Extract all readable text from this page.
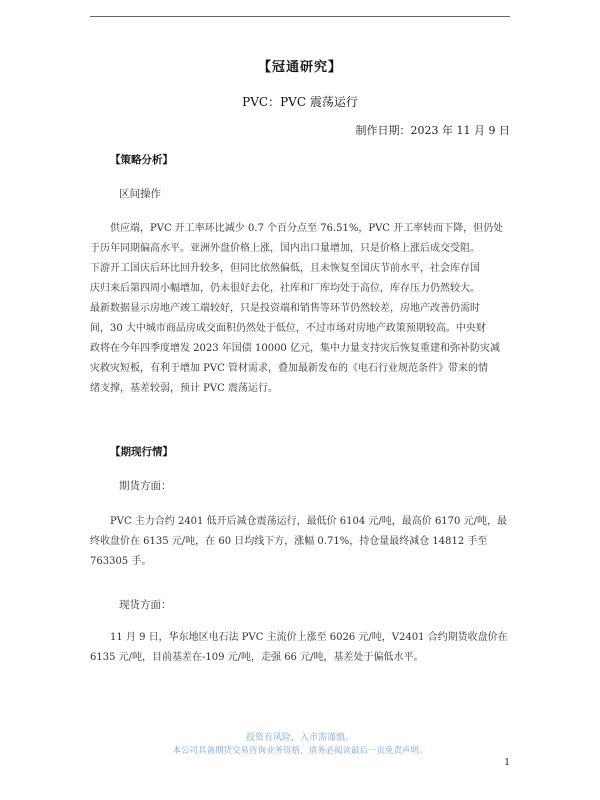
【冠通研究】
PVC：PVC 震荡运行
制作日期：2023 年 11 月 9 日
【策略分析】
区间操作
供应端，PVC 开工率环比减少 0.7 个百分点至 76.51%，PVC 开工率转而下降，但仍处
于历年同期偏高水平。亚洲外盘价格上涨，国内出口量增加，只是价格上涨后成交受阻。
下游开工国庆后环比回升较多，但同比依然偏低，且未恢复至国庆节前水平，社会库存国
庆归来后第四周小幅增加，仍未很好去化，社库和厂库均处于高位，库存压力仍然较大。
最新数据显示房地产竣工端较好，只是投资端和销售等环节仍然较差，房地产改善仍需时
间，30 大中城市商品房成交面积仍然处于低位，不过市场对房地产政策预期较高。中央财
政将在今年四季度增发 2023 年国债 10000 亿元，集中力量支持灾后恢复重建和弥补防灾减
灾救灾短板，有利于增加 PVC 管材需求，叠加最新发布的《电石行业规范条件》带来的情
绪支撑，基差较弱，预计 PVC 震荡运行。
【期现行情】
期货方面：
PVC 主力合约 2401 低开后减仓震荡运行，最低价 6104 元/吨，最高价 6170 元/吨，最
终收盘价在 6135 元/吨，在 60 日均线下方，涨幅 0.71%，持仓量最终减仓 14812 手至
763305 手。
现货方面：
11 月 9 日，华东地区电石法 PVC 主流价上涨至 6026 元/吨，V2401 合约期货收盘价在
6135 元/吨，目前基差在-109 元/吨，走强 66 元/吨，基差处于偏低水平。
投资有风险，入市需谨慎。
本公司具备期货交易咨询业务资格，请务必阅读最后一页免责声明。
1
